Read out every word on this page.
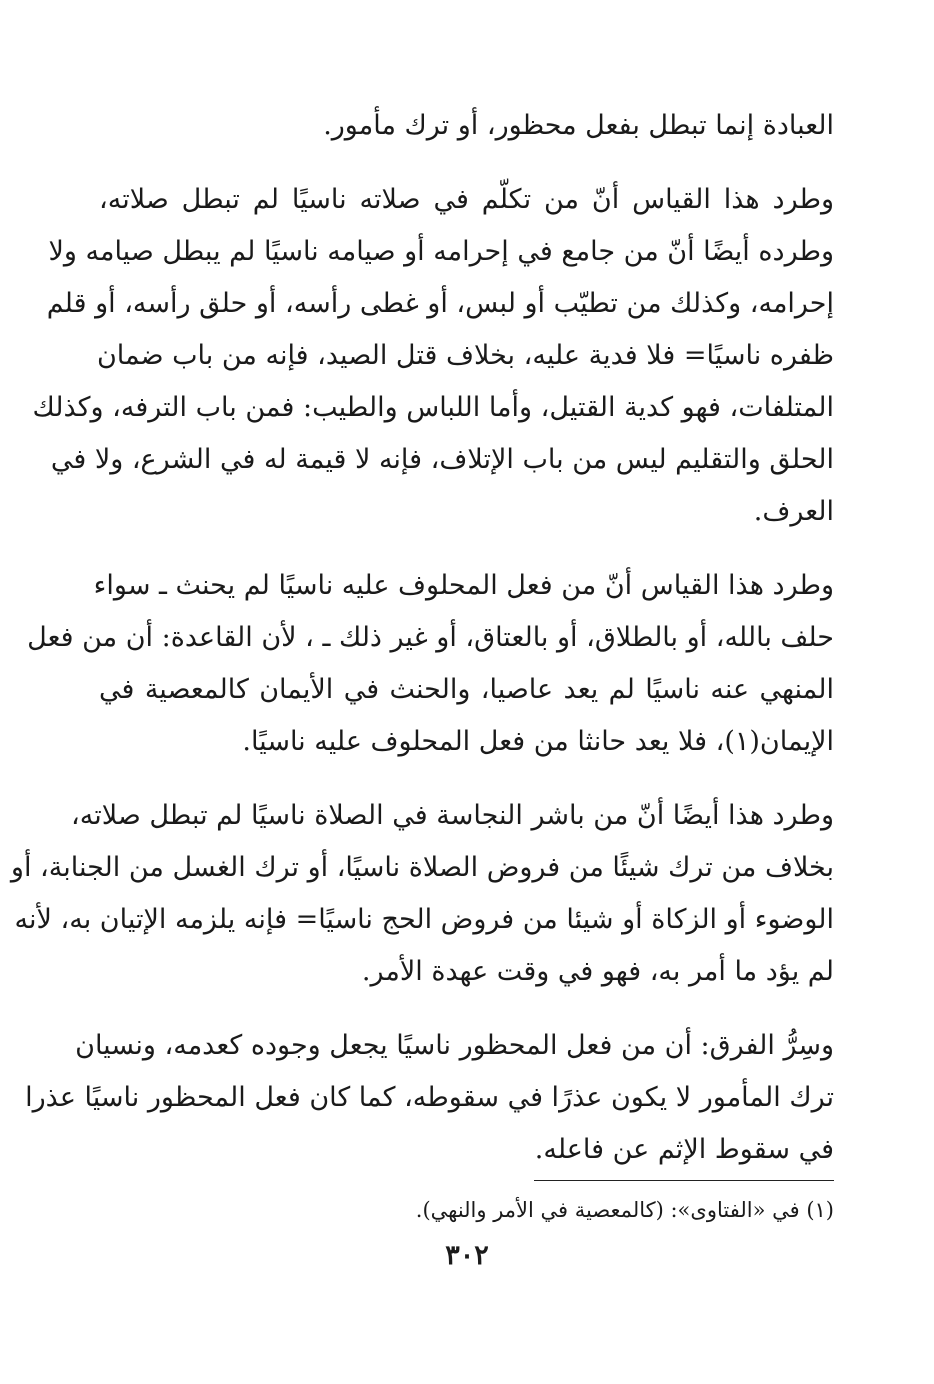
العبادة إنما تبطل بفعل محظور، أو ترك مأمور.
وطرد هذا القياس أنّ من تكلّم في صلاته ناسيًا لم تبطل صلاته،
وطرده أيضًا أنّ من جامع في إحرامه أو صيامه ناسيًا لم يبطل صيامه ولا
إحرامه، وكذلك من تطيّب أو لبس، أو غطى رأسه، أو حلق رأسه، أو قلم
ظفره ناسيًا= فلا فدية عليه، بخلاف قتل الصيد، فإنه من باب ضمان
المتلفات، فهو كدية القتيل، وأما اللباس والطيب: فمن باب الترفه، وكذلك
الحلق والتقليم ليس من باب الإتلاف، فإنه لا قيمة له في الشرع، ولا في
العرف.
وطرد هذا القياس أنّ من فعل المحلوف عليه ناسيًا لم يحنث ـ سواء
حلف بالله، أو بالطلاق، أو بالعتاق، أو غير ذلك ـ ، لأن القاعدة: أن من فعل
المنهي عنه ناسيًا لم يعد عاصيا، والحنث في الأيمان كالمعصية في
الإيمان(١)، فلا يعد حانثا من فعل المحلوف عليه ناسيًا.
وطرد هذا أيضًا أنّ من باشر النجاسة في الصلاة ناسيًا لم تبطل صلاته،
بخلاف من ترك شيئًا من فروض الصلاة ناسيًا، أو ترك الغسل من الجنابة، أو
الوضوء أو الزكاة أو شيئا من فروض الحج ناسيًا= فإنه يلزمه الإتيان به، لأنه
لم يؤد ما أمر به، فهو في وقت عهدة الأمر.
وسِرُّ الفرق: أن من فعل المحظور ناسيًا يجعل وجوده كعدمه، ونسيان
ترك المأمور لا يكون عذرًا في سقوطه، كما كان فعل المحظور ناسيًا عذرا
في سقوط الإثم عن فاعله.
(١) في «الفتاوى»: (كالمعصية في الأمر والنهي).
٣٠٢
